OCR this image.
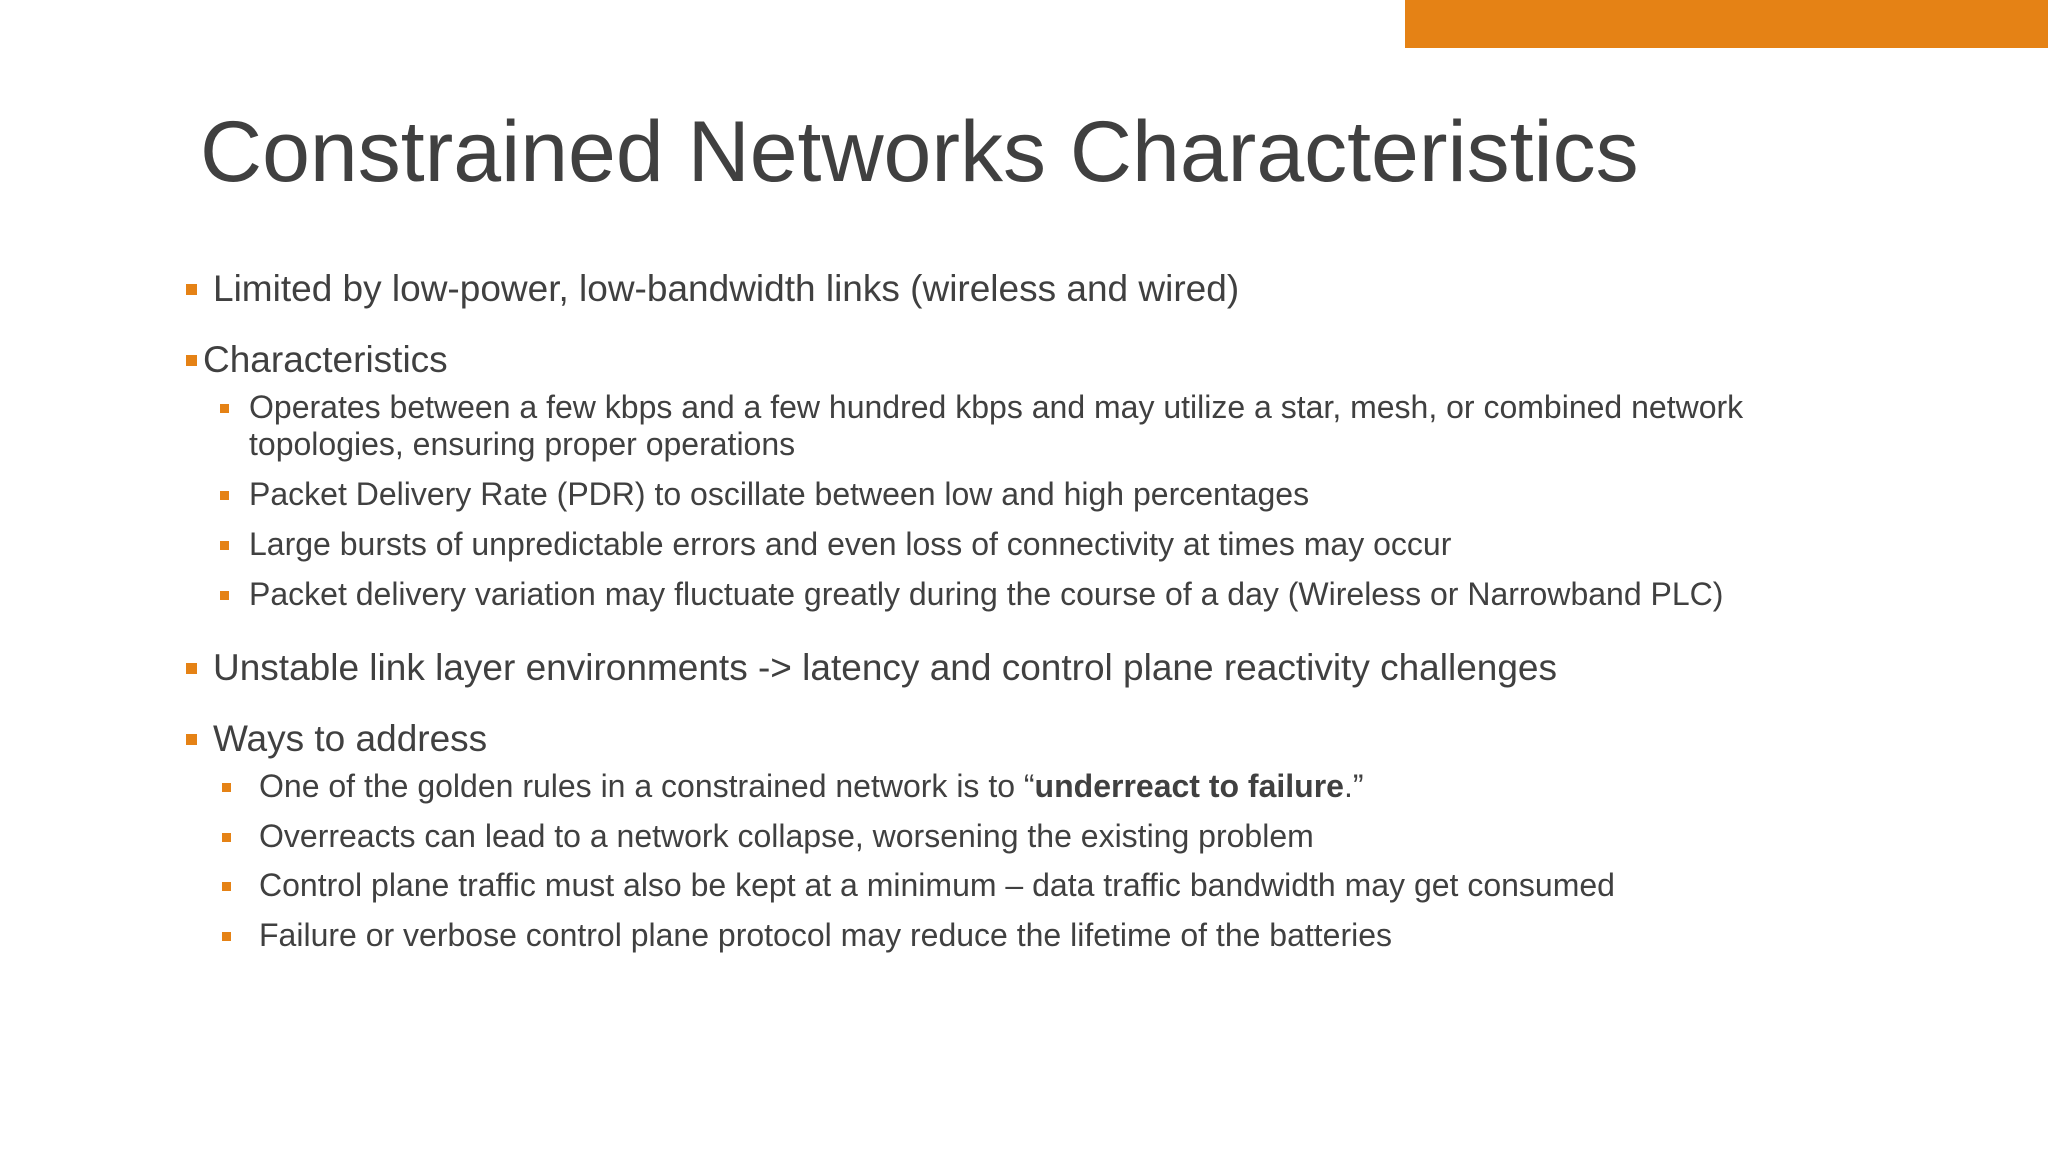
Constrained Networks Characteristics
Limited by low-power, low-bandwidth links (wireless and wired)
Characteristics
Operates between a few kbps and a few hundred kbps and may utilize a star, mesh, or combined network topologies, ensuring proper operations
Packet Delivery Rate (PDR) to oscillate between low and high percentages
Large bursts of unpredictable errors and even loss of connectivity at times may occur
Packet delivery variation may fluctuate greatly during the course of a day (Wireless or Narrowband PLC)
Unstable link layer environments -> latency and control plane reactivity challenges
Ways to address
One of the golden rules in a constrained network is to “underreact to failure.”
Overreacts can lead to a network collapse, worsening the existing problem
Control plane traffic must also be kept at a minimum – data traffic bandwidth may get consumed
Failure or verbose control plane protocol may reduce the lifetime of the batteries
